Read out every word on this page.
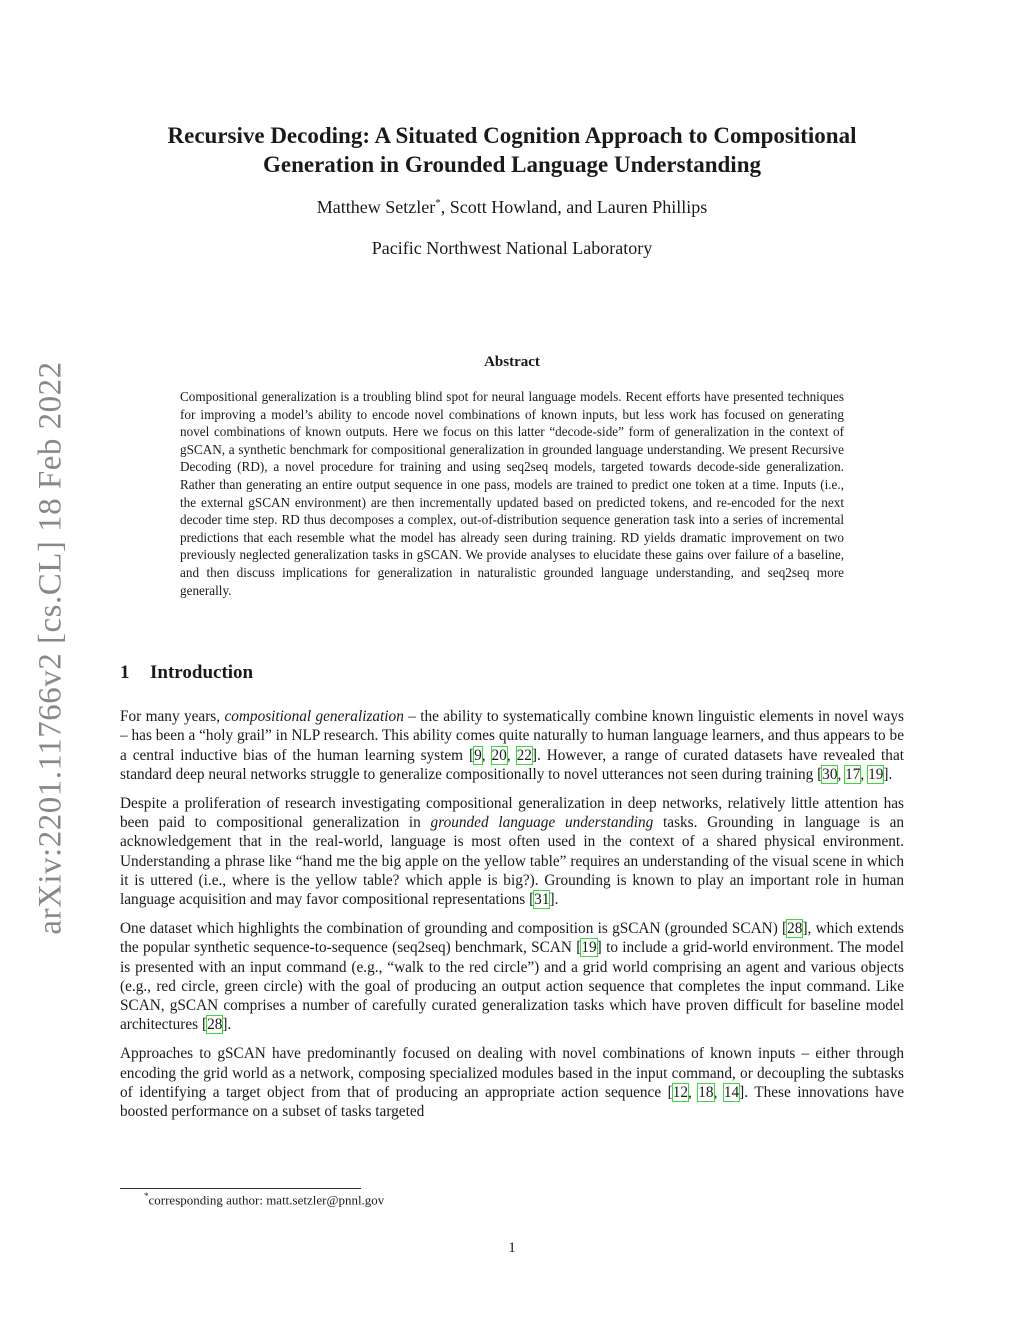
arXiv:2201.11766v2 [cs.CL] 18 Feb 2022
Recursive Decoding: A Situated Cognition Approach to Compositional
Generation in Grounded Language Understanding
Matthew Setzler*, Scott Howland, and Lauren Phillips
Pacific Northwest National Laboratory
Abstract
Compositional generalization is a troubling blind spot for neural language models. Recent efforts have presented techniques for improving a model’s ability to encode novel combinations of known inputs, but less work has focused on generating novel combinations of known outputs. Here we focus on this latter “decode-side” form of generalization in the context of gSCAN, a synthetic benchmark for compositional generalization in grounded language understanding. We present Recursive Decoding (RD), a novel procedure for training and using seq2seq models, targeted towards decode-side generalization. Rather than generating an entire output sequence in one pass, models are trained to predict one token at a time. Inputs (i.e., the external gSCAN environment) are then incrementally updated based on predicted tokens, and re-encoded for the next decoder time step. RD thus decomposes a complex, out-of-distribution sequence generation task into a series of incremental predictions that each resemble what the model has already seen during training. RD yields dramatic improvement on two previously neglected generalization tasks in gSCAN. We provide analyses to elucidate these gains over failure of a baseline, and then discuss implications for generalization in naturalistic grounded language understanding, and seq2seq more generally.
1 Introduction

For many years, compositional generalization – the ability to systematically combine known linguistic elements in novel ways – has been a “holy grail” in NLP research. This ability comes quite naturally to human language learners, and thus appears to be a central inductive bias of the human learning system [9, 20, 22]. However, a range of curated datasets have revealed that standard deep neural networks struggle to generalize compositionally to novel utterances not seen during training [30, 17, 19].

Despite a proliferation of research investigating compositional generalization in deep networks, relatively little attention has been paid to compositional generalization in grounded language understanding tasks. Grounding in language is an acknowledgement that in the real-world, language is most often used in the context of a shared physical environment. Understanding a phrase like “hand me the big apple on the yellow table” requires an understanding of the visual scene in which it is uttered (i.e., where is the yellow table? which apple is big?). Grounding is known to play an important role in human language acquisition and may favor compositional representations [31].

One dataset which highlights the combination of grounding and composition is gSCAN (grounded SCAN) [28], which extends the popular synthetic sequence-to-sequence (seq2seq) benchmark, SCAN [19] to include a grid-world environment. The model is presented with an input command (e.g., “walk to the red circle”) and a grid world comprising an agent and various objects (e.g., red circle, green circle) with the goal of producing an output action sequence that completes the input command. Like SCAN, gSCAN comprises a number of carefully curated generalization tasks which have proven difficult for baseline model architectures [28].

Approaches to gSCAN have predominantly focused on dealing with novel combinations of known inputs – either through encoding the grid world as a network, composing specialized modules based in the input command, or decoupling the subtasks of identifying a target object from that of producing an appropriate action sequence [12, 18, 14]. These innovations have boosted performance on a subset of tasks targeted

*corresponding author: matt.setzler@pnnl.gov
1
